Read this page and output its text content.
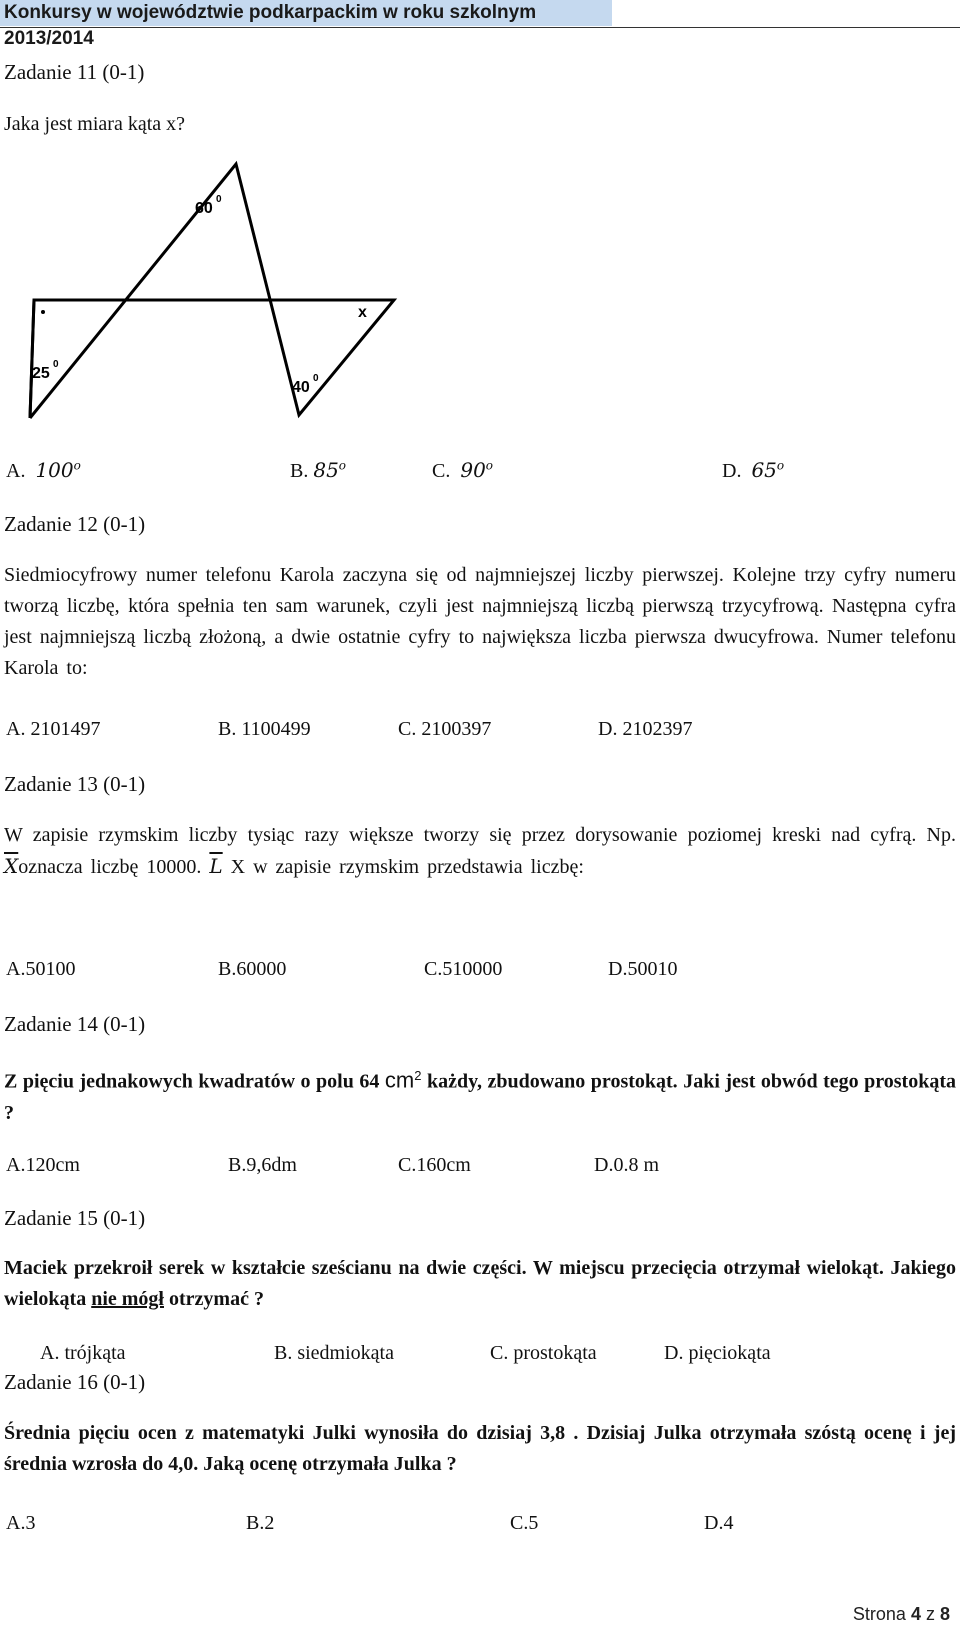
Konkursy w województwie podkarpackim w roku szkolnym 2013/2014
Zadanie 11 (0-1)
Jaka jest miara kąta x?
60
0
25
0
40
0
x
A. 100$^o$	B. 85$^o$	C. 90$^o$	D. 65$^o$
Zadanie 12 (0-1)
Siedmiocyfrowy numer telefonu Karola zaczyna się od najmniejszej liczby pierwszej. Kolejne trzy cyfry numeru tworzą liczbę, która spełnia ten sam warunek, czyli jest najmniejszą liczbą pierwszą trzycyfrową. Następna cyfra jest najmniejszą liczbą złożoną, a dwie ostatnie cyfry to największa liczba pierwsza dwucyfrowa. Numer telefonu Karola to:
A. 2101497	B. 1100499	C. 2100397	D. 2102397
Zadanie 13 (0-1)
W zapisie rzymskim liczby tysiąc razy większe tworzy się przez dorysowanie poziomej kreski nad cyfrą. Np. $\overline{X}oznacza$ liczbę 10000. $\overline{L}$ X w zapisie rzymskim przedstawia liczbę:
A.50100	B.60000	C.510000	D.50010
Zadanie 14 (0-1)
Z pięciu jednakowych kwadratów o polu 64 $cm^2$ każdy, zbudowano prostokąt. Jaki jest obwód tego prostokąta ?
A.120cm	B.9,6dm	C.160cm	D.0.8 m
Zadanie 15 (0-1)
Maciek przekroił serek w kształcie sześcianu na dwie części. W miejscu przecięcia otrzymał wielokąt. Jakiego wielokąta nie mógł otrzymać ?
A. trójkąta	B. siedmiokąta	C. prostokąta	D. pięciokąta
Zadanie 16 (0-1)
Średnia pięciu ocen z matematyki Julki wynosiła do dzisiaj 3,8 . Dzisiaj Julka otrzymała szóstą ocenę i jej średnia wzrosła do 4,0. Jaką ocenę otrzymała Julka ?
A.3	B.2	C.5	D.4
Strona 4 z 8
